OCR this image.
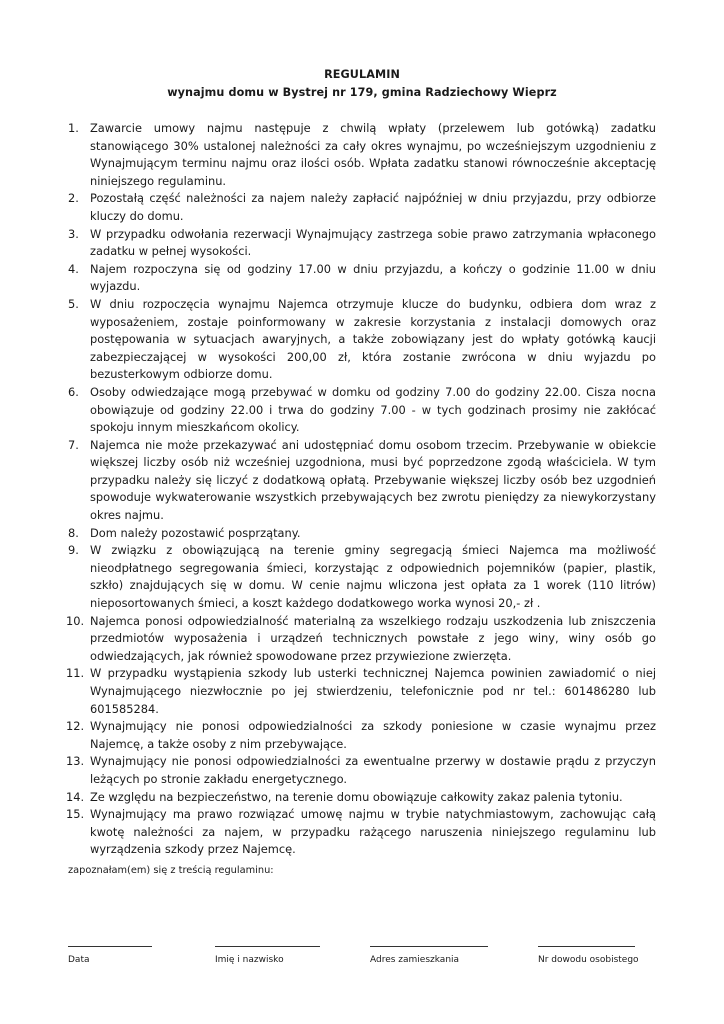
REGULAMIN
wynajmu domu w Bystrej nr 179, gmina Radziechowy Wieprz
1. Zawarcie umowy najmu następuje z chwilą wpłaty (przelewem lub gotówką) zadatku stanowiącego 30% ustalonej należności za cały okres wynajmu, po wcześniejszym uzgodnieniu z Wynajmującym terminu najmu oraz ilości osób. Wpłata zadatku stanowi równocześnie akceptację niniejszego regulaminu.
2. Pozostałą część należności za najem należy zapłacić najpóźniej w dniu przyjazdu, przy odbiorze kluczy do domu.
3. W przypadku odwołania rezerwacji Wynajmujący zastrzega sobie prawo zatrzymania wpłaconego zadatku w pełnej wysokości.
4. Najem rozpoczyna się od godziny 17.00 w dniu przyjazdu, a kończy o godzinie 11.00 w dniu wyjazdu.
5. W dniu rozpoczęcia wynajmu Najemca otrzymuje klucze do budynku, odbiera dom wraz z wyposażeniem, zostaje poinformowany w zakresie korzystania z instalacji domowych oraz postępowania w sytuacjach awaryjnych, a także zobowiązany jest do wpłaty gotówką kaucji zabezpieczającej w wysokości 200,00 zł, która zostanie zwrócona w dniu wyjazdu po bezusterkowym odbiorze domu.
6. Osoby odwiedzające mogą przebywać w domku od godziny 7.00 do godziny 22.00. Cisza nocna obowiązuje od godziny 22.00 i trwa do godziny 7.00 - w tych godzinach prosimy nie zakłócać spokoju innym mieszkańcom okolicy.
7. Najemca nie może przekazywać ani udostępniać domu osobom trzecim. Przebywanie w obiekcie większej liczby osób niż wcześniej uzgodniona, musi być poprzedzone zgodą właściciela. W tym przypadku należy się liczyć z dodatkową opłatą. Przebywanie większej liczby osób bez uzgodnień spowoduje wykwaterowanie wszystkich przebywających bez zwrotu pieniędzy za niewykorzystany okres najmu.
8. Dom należy pozostawić posprzątany.
9. W związku z obowiązującą na terenie gminy segregacją śmieci Najemca ma możliwość nieodpłatnego segregowania śmieci, korzystając z odpowiednich pojemników (papier, plastik, szkło) znajdujących się w domu. W cenie najmu wliczona jest opłata za 1 worek (110 litrów) nieposortowanych śmieci, a koszt każdego dodatkowego worka wynosi 20,- zł .
10. Najemca ponosi odpowiedzialność materialną za wszelkiego rodzaju uszkodzenia lub zniszczenia przedmiotów wyposażenia i urządzeń technicznych powstałe z jego winy, winy osób go odwiedzających, jak również spowodowane przez przywiezione zwierzęta.
11. W przypadku wystąpienia szkody lub usterki technicznej Najemca powinien zawiadomić o niej Wynajmującego niezwłocznie po jej stwierdzeniu, telefonicznie pod nr tel.: 601486280 lub 601585284.
12. Wynajmujący nie ponosi odpowiedzialności za szkody poniesione w czasie wynajmu przez Najemcę, a także osoby z nim przebywające.
13. Wynajmujący nie ponosi odpowiedzialności za ewentualne przerwy w dostawie prądu z przyczyn leżących po stronie zakładu energetycznego.
14. Ze względu na bezpieczeństwo, na terenie domu obowiązuje całkowity zakaz palenia tytoniu.
15. Wynajmujący ma prawo rozwiązać umowę najmu w trybie natychmiastowym, zachowując całą kwotę należności za najem, w przypadku rażącego naruszenia niniejszego regulaminu lub wyrządzenia szkody przez Najemcę.
zapoznałam(em) się z treścią regulaminu:
Data	Imię i nazwisko	Adres zamieszkania	Nr dowodu osobistego
